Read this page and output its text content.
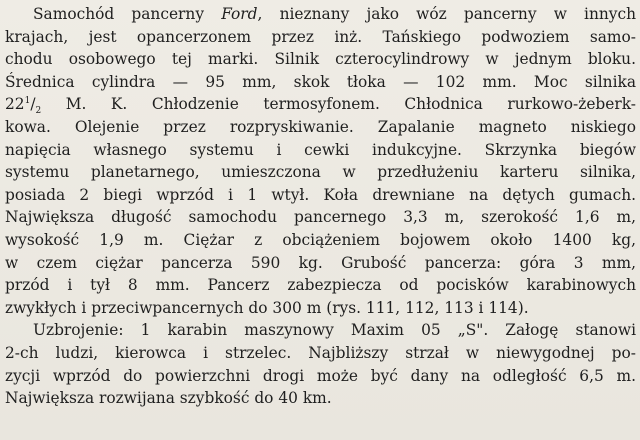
Samochód pancerny Ford, nieznany jako wóz pancerny w innych
krajach, jest opancerzonem przez inż. Tańskiego podwoziem samo-
chodu osobowego tej marki. Silnik czterocylindrowy w jednym bloku.
Średnica cylindra — 95 mm, skok tłoka — 102 mm. Moc silnika
$22^1/_2$ M. K. Chłodzenie termosyfonem. Chłodnica rurkowo-żeberk-
kowa. Olejenie przez rozpryskiwanie. Zapalanie magneto niskiego
napięcia własnego systemu i cewki indukcyjne. Skrzynka biegów
systemu planetarnego, umieszczona w przedłużeniu karteru silnika,
posiada 2 biegi wprzód i 1 wtył. Koła drewniane na dętych gumach.
Największa długość samochodu pancernego 3,3 m, szerokość 1,6 m,
wysokość 1,9 m. Ciężar z obciążeniem bojowem około 1400 kg,
w czem ciężar pancerza 590 kg. Grubość pancerza: góra 3 mm,
przód i tył 8 mm. Pancerz zabezpiecza od pocisków karabinowych
zwykłych i przeciwpancernych do 300 m (rys. 111, 112, 113 i 114).
Uzbrojenie: 1 karabin maszynowy Maxim 05 „S". Załogę stanowi
2-ch ludzi, kierowca i strzelec. Najbliższy strzał w niewygodnej po-
zycji wprzód do powierzchni drogi może być dany na odległość 6,5 m.
Największa rozwijana szybkość do 40 km.
